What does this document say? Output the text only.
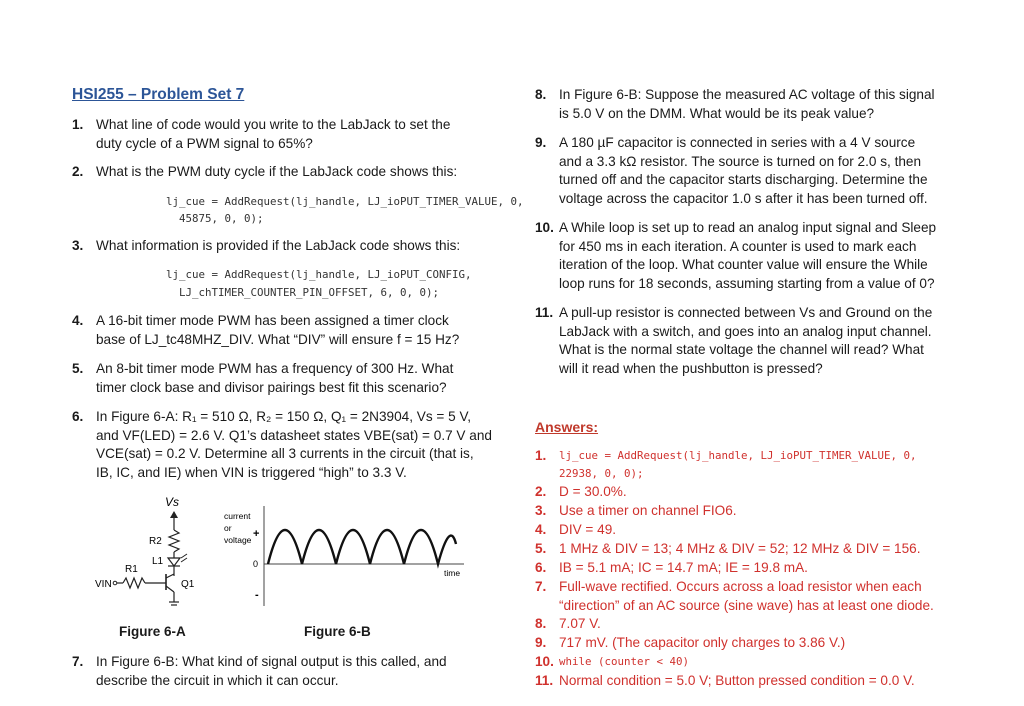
HSI255 – Problem Set 7
1. What line of code would you write to the LabJack to set the
duty cycle of a PWM signal to 65%?
2. What is the PWM duty cycle if the LabJack code shows this:
lj_cue = AddRequest(lj_handle, LJ_ioPUT_TIMER_VALUE, 0,
45875, 0, 0);
3. What information is provided if the LabJack code shows this:
lj_cue = AddRequest(lj_handle, LJ_ioPUT_CONFIG,
LJ_chTIMER_COUNTER_PIN_OFFSET, 6, 0, 0);
4. A 16-bit timer mode PWM has been assigned a timer clock
base of LJ_tc48MHZ_DIV. What “DIV” will ensure f = 15 Hz?
5. An 8-bit timer mode PWM has a frequency of 300 Hz. What
timer clock base and divisor pairings best fit this scenario?
6. In Figure 6-A: R₁ = 510 Ω, R₂ = 150 Ω, Q₁ = 2N3904, Vs = 5 V,
and VF(LED) = 2.6 V. Q1’s datasheet states VBE(sat) = 0.7 V and
VCE(sat) = 0.2 V. Determine all 3 currents in the circuit (that is,
IB, IC, and IE) when VIN is triggered “high” to 3.3 V.
Vs
R2
L1
Q1
R1
VIN
current
or
voltage +
0
-
time
Figure 6-A	Figure 6-B
7. In Figure 6-B: What kind of signal output is this called, and
describe the circuit in which it can occur.
8. In Figure 6-B: Suppose the measured AC voltage of this signal
is 5.0 V on the DMM. What would be its peak value?
9. A 180 µF capacitor is connected in series with a 4 V source
and a 3.3 kΩ resistor. The source is turned on for 2.0 s, then
turned off and the capacitor starts discharging. Determine the
voltage across the capacitor 1.0 s after it has been turned off.
10. A While loop is set up to read an analog input signal and Sleep
for 450 ms in each iteration. A counter is used to mark each
iteration of the loop. What counter value will ensure the While
loop runs for 18 seconds, assuming starting from a value of 0?
11. A pull-up resistor is connected between Vs and Ground on the
LabJack with a switch, and goes into an analog input channel.
What is the normal state voltage the channel will read? What
will it read when the pushbutton is pressed?
Answers:
1. lj_cue = AddRequest(lj_handle, LJ_ioPUT_TIMER_VALUE, 0,
22938, 0, 0);
2. D = 30.0%.
3. Use a timer on channel FIO6.
4. DIV = 49.
5. 1 MHz & DIV = 13; 4 MHz & DIV = 52; 12 MHz & DIV = 156.
6. IB = 5.1 mA; IC = 14.7 mA; IE = 19.8 mA.
7. Full-wave rectified. Occurs across a load resistor when each
“direction” of an AC source (sine wave) has at least one diode.
8. 7.07 V.
9. 717 mV. (The capacitor only charges to 3.86 V.)
10. while (counter < 40)
11. Normal condition = 5.0 V; Button pressed condition = 0.0 V.
